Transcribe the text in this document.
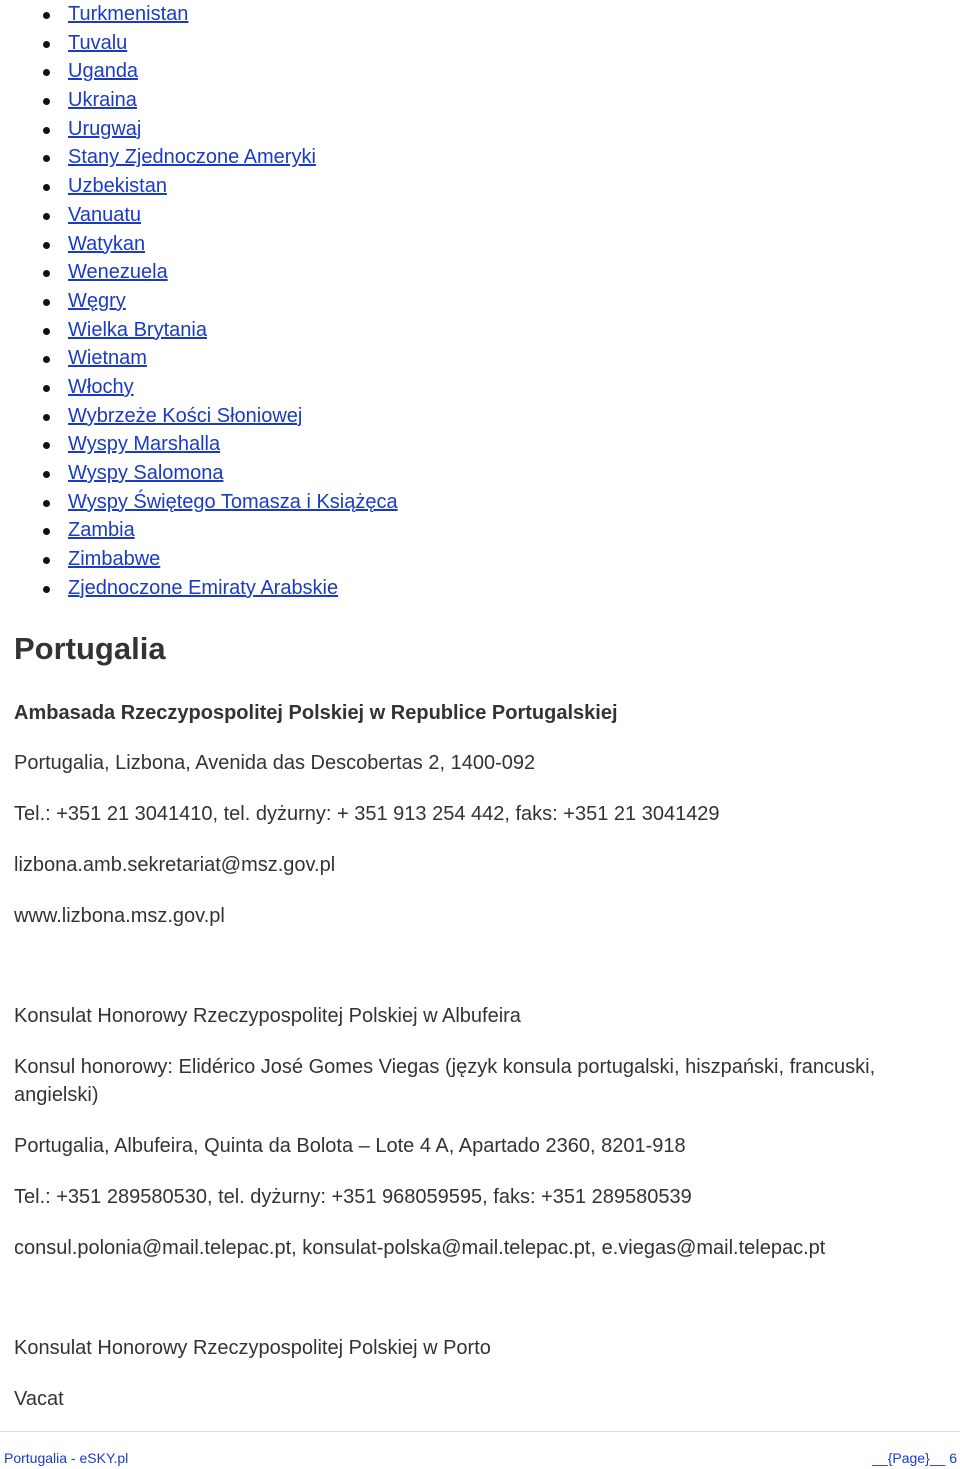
Turkmenistan
Tuvalu
Uganda
Ukraina
Urugwaj
Stany Zjednoczone Ameryki
Uzbekistan
Vanuatu
Watykan
Wenezuela
Węgry
Wielka Brytania
Wietnam
Włochy
Wybrzeże Kości Słoniowej
Wyspy Marshalla
Wyspy Salomona
Wyspy Świętego Tomasza i Książęca
Zambia
Zimbabwe
Zjednoczone Emiraty Arabskie
Portugalia
Ambasada Rzeczypospolitej Polskiej w Republice Portugalskiej
Portugalia, Lizbona, Avenida das Descobertas 2, 1400-092
Tel.: +351 21 3041410, tel. dyżurny: + 351 913 254 442, faks: +351 21 3041429
lizbona.amb.sekretariat@msz.gov.pl
www.lizbona.msz.gov.pl
Konsulat Honorowy Rzeczypospolitej Polskiej w Albufeira
Konsul honorowy: Elidérico José Gomes Viegas (język konsula portugalski, hiszpański, francuski, angielski)
Portugalia, Albufeira, Quinta da Bolota – Lote 4 A, Apartado 2360, 8201-918
Tel.: +351 289580530, tel. dyżurny: +351 968059595, faks: +351 289580539
consul.polonia@mail.telepac.pt, konsulat-polska@mail.telepac.pt, e.viegas@mail.telepac.pt
Konsulat Honorowy Rzeczypospolitej Polskiej w Porto
Vacat
Portugalia - eSKY.pl	__{Page}__ 6
